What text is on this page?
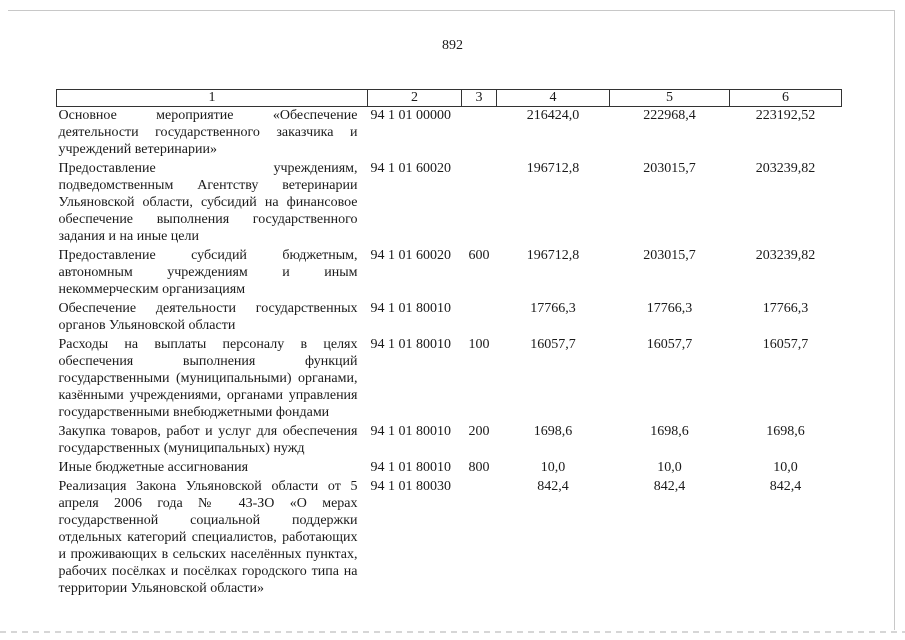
892
1	2	3	4	5	6
Основное мероприятие «Обеспечение деятельности государственного заказчика и учреждений ветеринарии»	94 1 01 00000		216424,0	222968,4	223192,52
Предоставление учреждениям, подведомственным Агентству ветеринарии Ульяновской области, субсидий на финансовое обеспечение выполнения государственного задания и на иные цели	94 1 01 60020		196712,8	203015,7	203239,82
Предоставление субсидий бюджетным, автономным учреждениям и иным некоммерческим организациям	94 1 01 60020	600	196712,8	203015,7	203239,82
Обеспечение деятельности государственных органов Ульяновской области	94 1 01 80010		17766,3	17766,3	17766,3
Расходы на выплаты персоналу в целях обеспечения выполнения функций государственными (муниципальными) органами, казёнными учреждениями, органами управления государственными внебюджетными фондами	94 1 01 80010	100	16057,7	16057,7	16057,7
Закупка товаров, работ и услуг для обеспечения государственных (муниципальных) нужд	94 1 01 80010	200	1698,6	1698,6	1698,6
Иные бюджетные ассигнования	94 1 01 80010	800	10,0	10,0	10,0
Реализация Закона Ульяновской области от 5 апреля 2006 года № 43-ЗО «О мерах государственной социальной поддержки отдельных категорий специалистов, работающих и проживающих в сельских населённых пунктах, рабочих посёлках и посёлках городского типа на территории Ульяновской области»	94 1 01 80030		842,4	842,4	842,4
